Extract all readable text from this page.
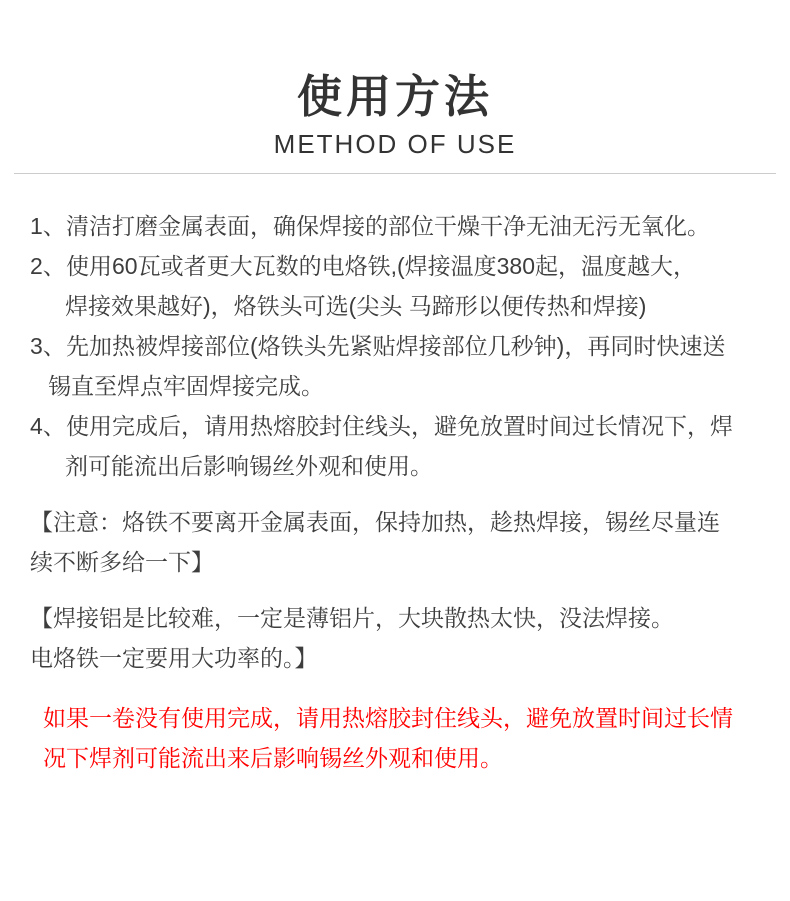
使用方法
METHOD OF USE
1、清洁打磨金属表面，确保焊接的部位干燥干净无油无污无氧化。
2、使用60瓦或者更大瓦数的电烙铁,(焊接温度380起，温度越大，
焊接效果越好)，烙铁头可选(尖头 马蹄形以便传热和焊接)
3、先加热被焊接部位(烙铁头先紧贴焊接部位几秒钟)，再同时快速送
锡直至焊点牢固焊接完成。
4、使用完成后，请用热熔胶封住线头，避免放置时间过长情况下，焊
剂可能流出后影响锡丝外观和使用。
【注意：烙铁不要离开金属表面，保持加热，趁热焊接，锡丝尽量连
续不断多给一下】
【焊接铝是比较难，一定是薄铝片，大块散热太快，没法焊接。
电烙铁一定要用大功率的。】
如果一卷没有使用完成，请用热熔胶封住线头，避免放置时间过长情
况下焊剂可能流出来后影响锡丝外观和使用。
